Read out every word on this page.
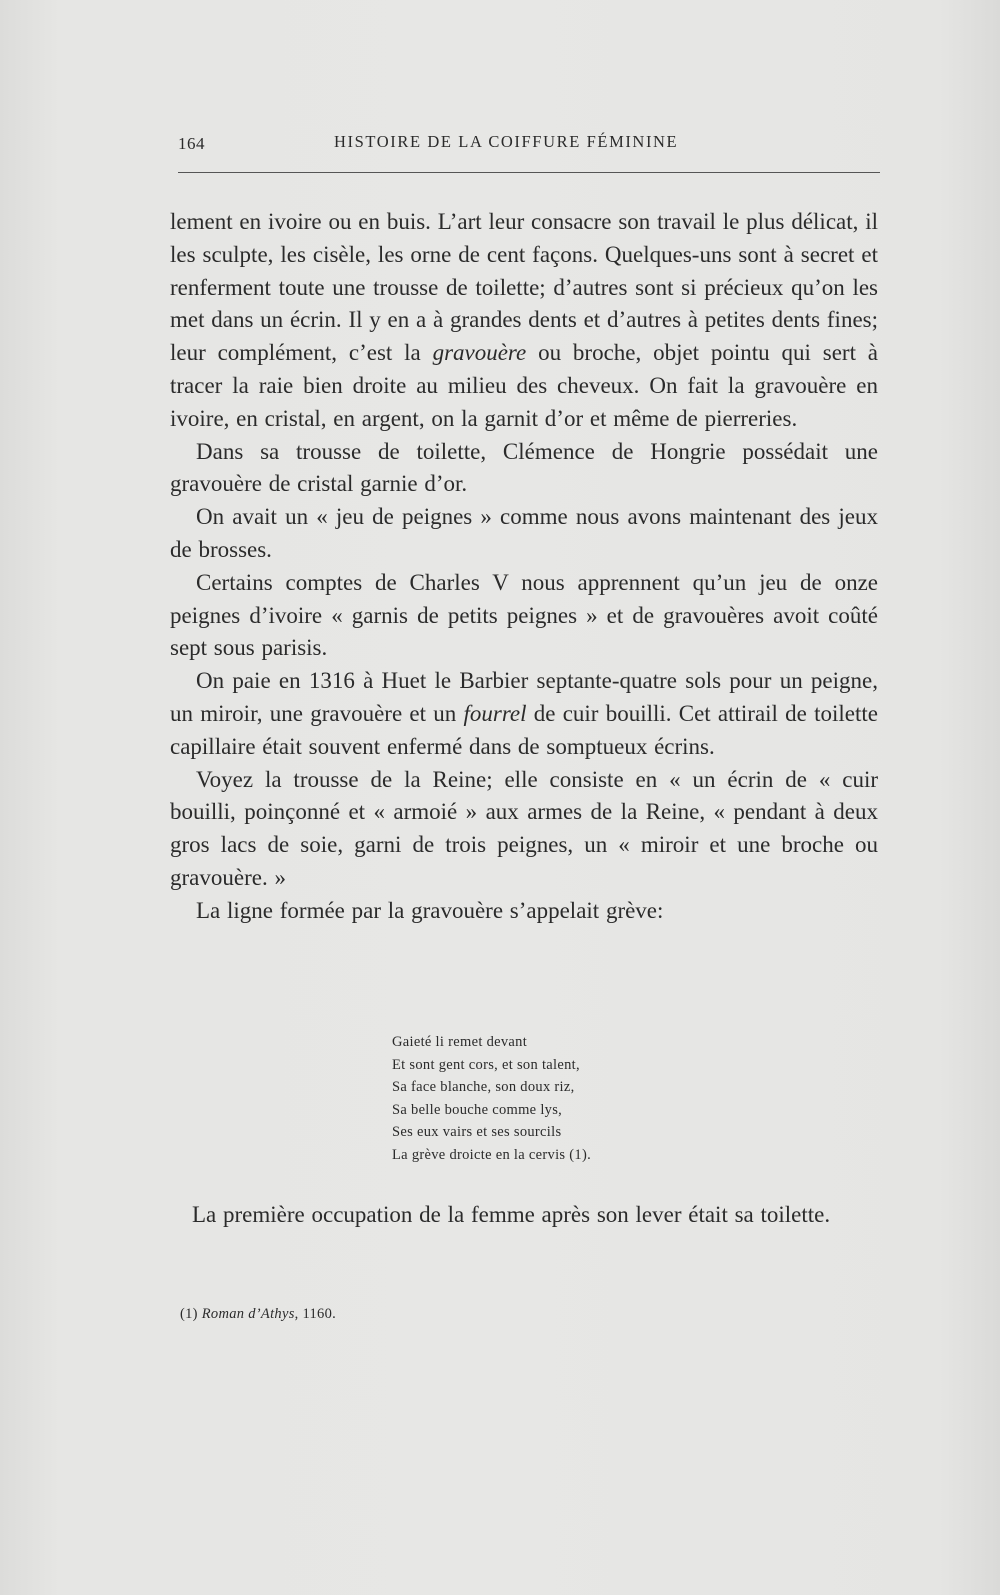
164	HISTOIRE DE LA COIFFURE FÉMININE

lement en ivoire ou en buis. L’art leur consacre son travail le plus délicat, il les sculpte, les cisèle, les orne de cent façons. Quelques-uns sont à secret et renferment toute une trousse de toilette; d’autres sont si précieux qu’on les met dans un écrin. Il y en a à grandes dents et d’autres à petites dents fines; leur complément, c’est la gravouère ou broche, objet pointu qui sert à tracer la raie bien droite au milieu des cheveux. On fait la gravouère en ivoire, en cristal, en argent, on la garnit d’or et même de pierreries.

Dans sa trousse de toilette, Clémence de Hongrie possédait une gravouère de cristal garnie d’or.

On avait un « jeu de peignes » comme nous avons maintenant des jeux de brosses.

Certains comptes de Charles V nous apprennent qu’un jeu de onze peignes d’ivoire « garnis de petits peignes » et de gravouères avoit coûté sept sous parisis.

On paie en 1316 à Huet le Barbier septante-quatre sols pour un peigne, un miroir, une gravouère et un fourrel de cuir bouilli. Cet attirail de toilette capillaire était souvent enfermé dans de somptueux écrins.

Voyez la trousse de la Reine; elle consiste en « un écrin de « cuir bouilli, poinçonné et « armoié » aux armes de la Reine, « pendant à deux gros lacs de soie, garni de trois peignes, un « miroir et une broche ou gravouère. »

La ligne formée par la gravouère s’appelait grève:

Gaieté li remet devant
Et sont gent cors, et son talent,
Sa face blanche, son doux riz,
Sa belle bouche comme lys,
Ses eux vairs et ses sourcils
La grève droicte en la cervis (1).

La première occupation de la femme après son lever était sa toilette.

(1) Roman d’Athys, 1160.
